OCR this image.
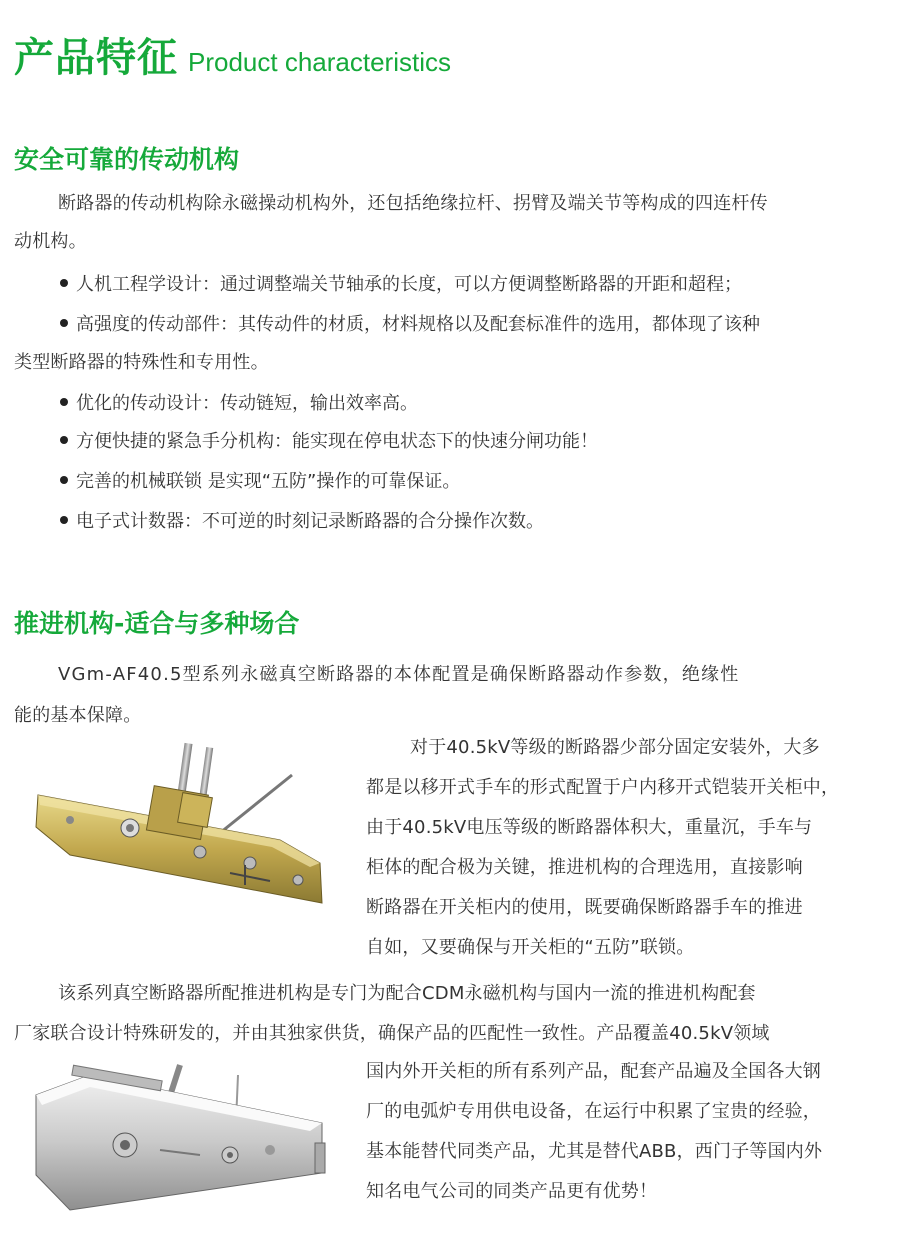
产品特征 Product characteristics
安全可靠的传动机构
断路器的传动机构除永磁操动机构外，还包括绝缘拉杆、拐臂及端关节等构成的四连杆传
动机构。
人机工程学设计：通过调整端关节轴承的长度，可以方便调整断路器的开距和超程；
高强度的传动部件：其传动件的材质，材料规格以及配套标准件的选用，都体现了该种
类型断路器的特殊性和专用性。
优化的传动设计：传动链短，输出效率高。
方便快捷的紧急手分机构：能实现在停电状态下的快速分闸功能！
完善的机械联锁 是实现“五防”操作的可靠保证。
电子式计数器：不可逆的时刻记录断路器的合分操作次数。
推进机构-适合与多种场合
VGm-AF40.5型系列永磁真空断路器的本体配置是确保断路器动作参数，绝缘性
能的基本保障。
对于40.5kV等级的断路器少部分固定安装外，大多
都是以移开式手车的形式配置于户内移开式铠装开关柜中，
由于40.5kV电压等级的断路器体积大，重量沉，手车与
柜体的配合极为关键，推进机构的合理选用，直接影响
断路器在开关柜内的使用，既要确保断路器手车的推进
自如，又要确保与开关柜的“五防”联锁。
该系列真空断路器所配推进机构是专门为配合CDM永磁机构与国内一流的推进机构配套
厂家联合设计特殊研发的，并由其独家供货，确保产品的匹配性一致性。产品覆盖40.5kV领域
国内外开关柜的所有系列产品，配套产品遍及全国各大钢
厂的电弧炉专用供电设备，在运行中积累了宝贵的经验，
基本能替代同类产品，尤其是替代ABB，西门子等国内外
知名电气公司的同类产品更有优势！
